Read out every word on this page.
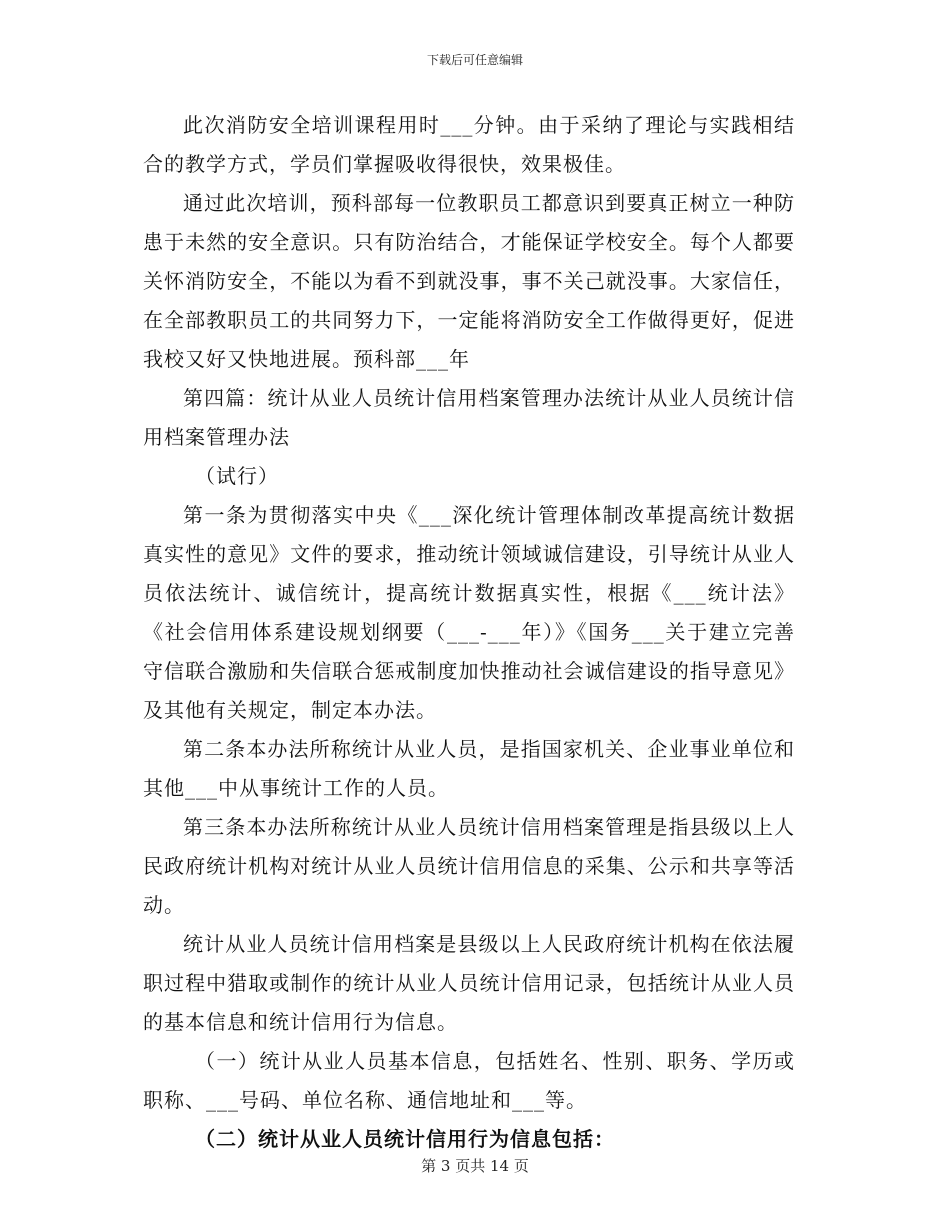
下载后可任意编辑

此次消防安全培训课程用时___分钟。由于采纳了理论与实践相结合的教学方式，学员们掌握吸收得很快，效果极佳。

通过此次培训，预科部每一位教职员工都意识到要真正树立一种防患于未然的安全意识。只有防治结合，才能保证学校安全。每个人都要关怀消防安全，不能以为看不到就没事，事不关己就没事。大家信任，在全部教职员工的共同努力下，一定能将消防安全工作做得更好，促进我校又好又快地进展。预科部___年

第四篇：统计从业人员统计信用档案管理办法统计从业人员统计信用档案管理办法

（试行）

第一条为贯彻落实中央《___深化统计管理体制改革提高统计数据真实性的意见》文件的要求，推动统计领域诚信建设，引导统计从业人员依法统计、诚信统计，提高统计数据真实性，根据《___统计法》《社会信用体系建设规划纲要（___-___年）》《国务___关于建立完善守信联合激励和失信联合惩戒制度加快推动社会诚信建设的指导意见》及其他有关规定，制定本办法。

第二条本办法所称统计从业人员，是指国家机关、企业事业单位和其他___中从事统计工作的人员。

第三条本办法所称统计从业人员统计信用档案管理是指县级以上人民政府统计机构对统计从业人员统计信用信息的采集、公示和共享等活动。

统计从业人员统计信用档案是县级以上人民政府统计机构在依法履职过程中猎取或制作的统计从业人员统计信用记录，包括统计从业人员的基本信息和统计信用行为信息。

（一）统计从业人员基本信息，包括姓名、性别、职务、学历或职称、___号码、单位名称、通信地址和___等。

（二）统计从业人员统计信用行为信息包括：

第 3 页共 14 页
